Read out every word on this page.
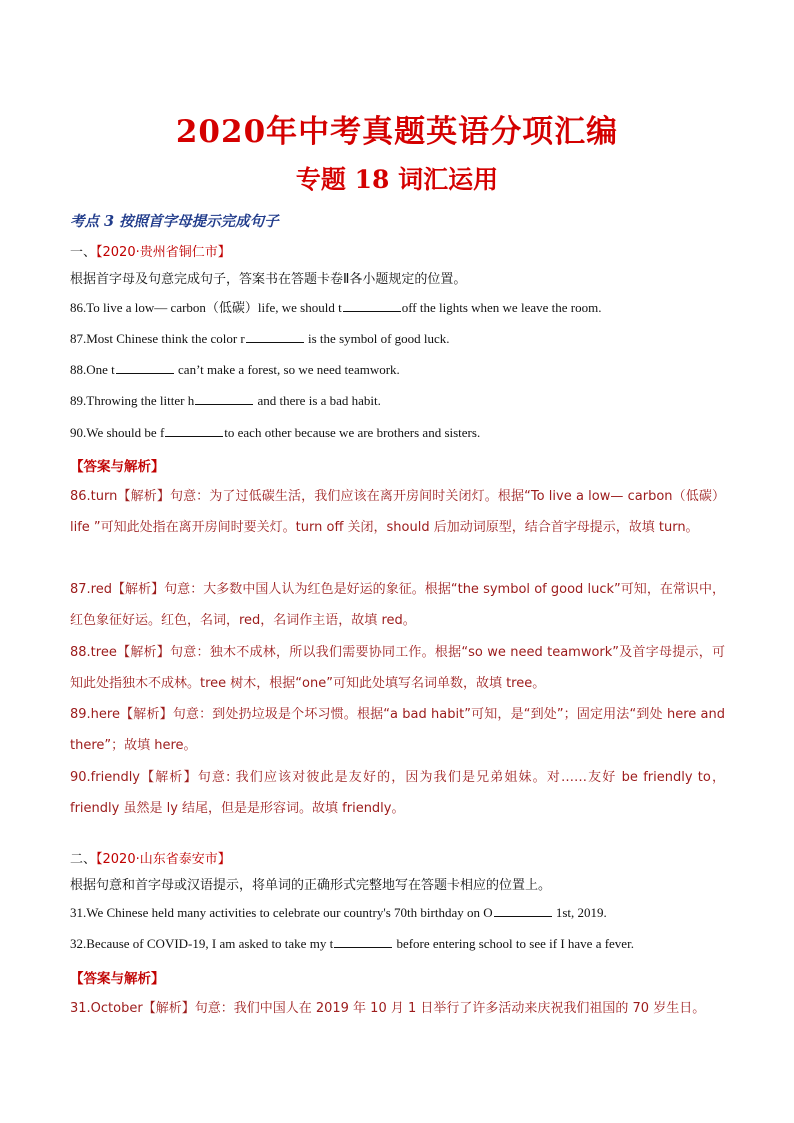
2020年中考真题英语分项汇编
专题 18 词汇运用
考点 3 按照首字母提示完成句子
一、【2020·贵州省铜仁市】
根据首字母及句意完成句子，答案书在答题卡卷Ⅱ各小题规定的位置。
86.To live a low— carbon（低碳）life, we should t	off the lights when we leave the room.
87.Most Chinese think the color r	is the symbol of good luck.
88.One t	can’t make a forest, so we need teamwork.
89.Throwing the litter h	and there is a bad habit.
90.We should be f	to each other because we are brothers and sisters.
【答案与解析】
86.turn【解析】句意：为了过低碳生活，我们应该在离开房间时关闭灯。根据“To live a low— carbon（低碳）life ”可知此处指在离开房间时要关灯。turn off 关闭，should 后加动词原型，结合首字母提示，故填 turn。
87.red【解析】句意：大多数中国人认为红色是好运的象征。根据“the symbol of good luck”可知，在常识中，红色象征好运。红色，名词，red，名词作主语，故填 red。
88.tree【解析】句意：独木不成林，所以我们需要协同工作。根据“so we need teamwork”及首字母提示，可知此处指独木不成林。tree 树木，根据“one”可知此处填写名词单数，故填 tree。
89.here【解析】句意：到处扔垃圾是个坏习惯。根据“a bad habit”可知，是“到处”；固定用法“到处 here and there”；故填 here。
90.friendly【解析】句意: 我们应该对彼此是友好的，因为我们是兄弟姐妹。对……友好 be friendly to，friendly 虽然是 ly 结尾，但是是形容词。故填 friendly。
二、【2020·山东省泰安市】
根据句意和首字母或汉语提示，将单词的正确形式完整地写在答题卡相应的位置上。
31.We Chinese held many activities to celebrate our country's 70th birthday on O	1st, 2019.
32.Because of COVID-19, I am asked to take my t	before entering school to see if I have a fever.
【答案与解析】
31.October【解析】句意：我们中国人在 2019 年 10 月 1 日举行了许多活动来庆祝我们祖国的 70 岁生日。
